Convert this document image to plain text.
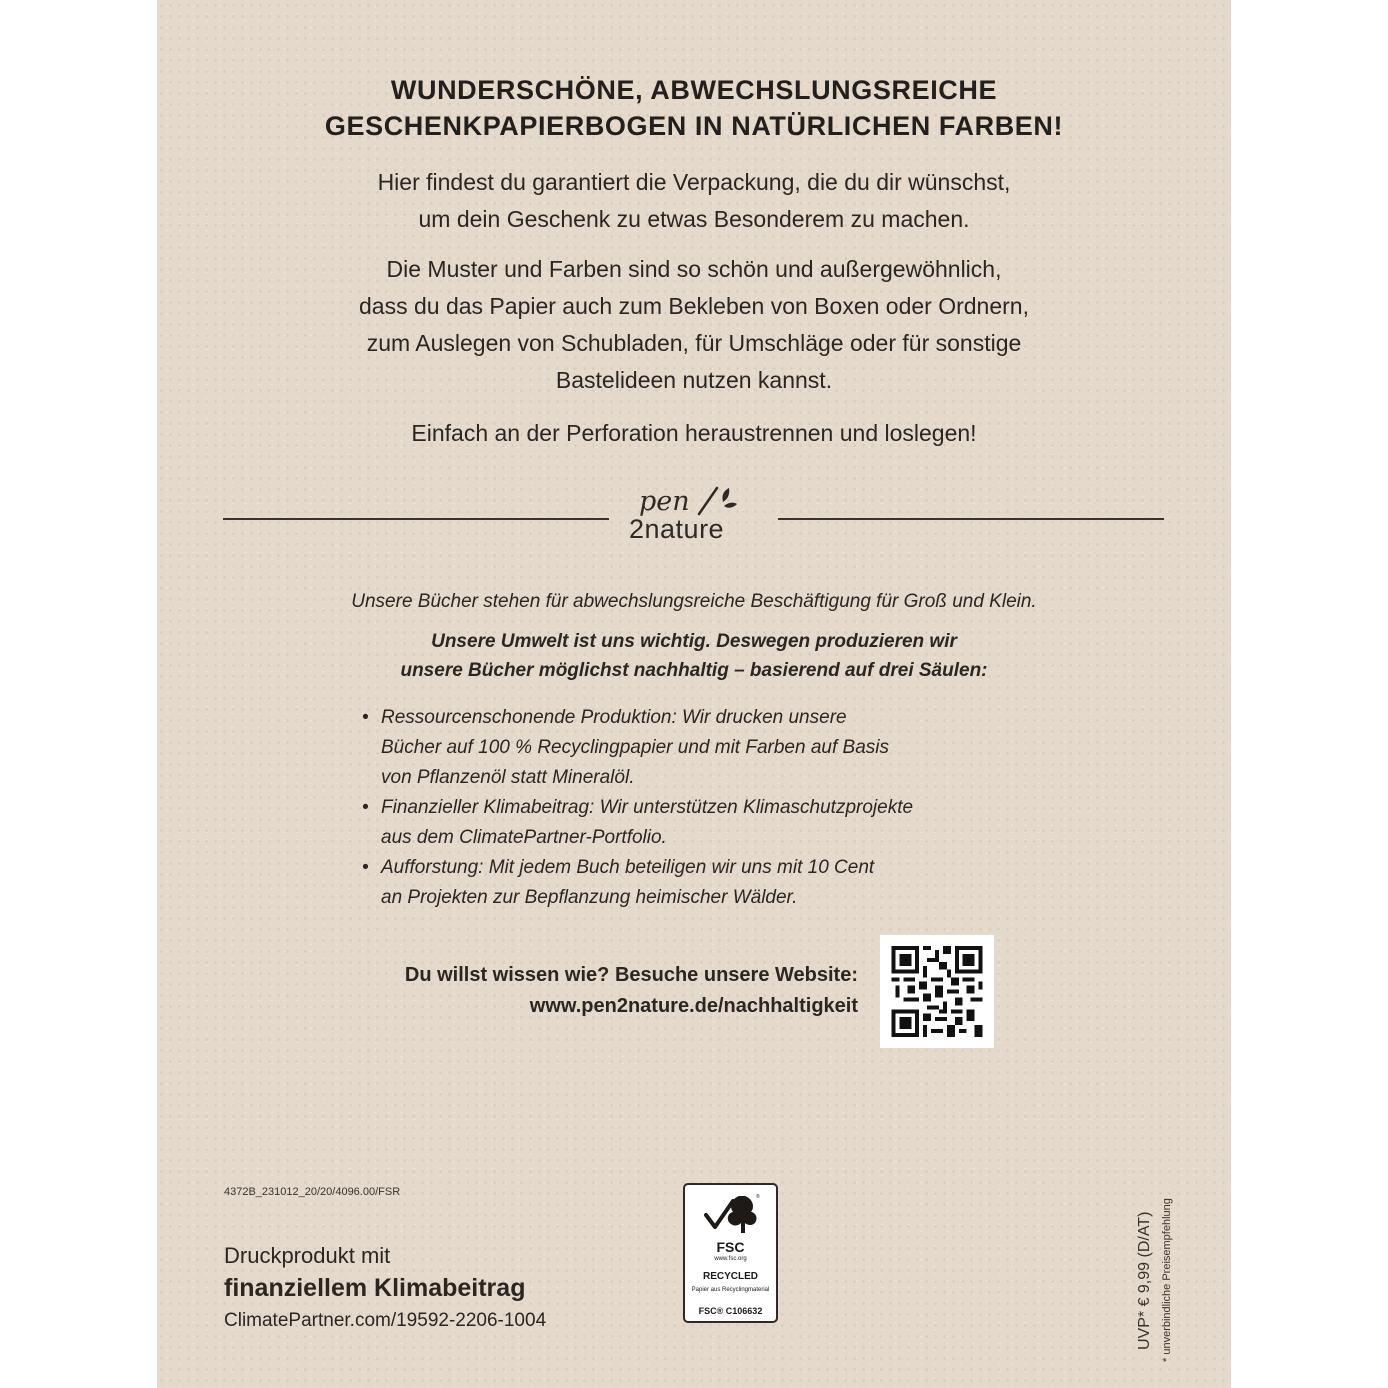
WUNDERSCHÖNE, ABWECHSLUNGSREICHE
GESCHENKPAPIERBOGEN IN NATÜRLICHEN FARBEN!

Hier findest du garantiert die Verpackung, die du dir wünschst,
um dein Geschenk zu etwas Besonderem zu machen.

Die Muster und Farben sind so schön und außergewöhnlich,
dass du das Papier auch zum Bekleben von Boxen oder Ordnern,
zum Auslegen von Schubladen, für Umschläge oder für sonstige
Bastelideen nutzen kannst.

Einfach an der Perforation heraustrennen und loslegen!

pen
2nature

Unsere Bücher stehen für abwechslungsreiche Beschäftigung für Groß und Klein.

Unsere Umwelt ist uns wichtig. Deswegen produzieren wir
unsere Bücher möglichst nachhaltig – basierend auf drei Säulen:

• Ressourcenschonende Produktion: Wir drucken unsere
Bücher auf 100 % Recyclingpapier und mit Farben auf Basis
von Pflanzenöl statt Mineralöl.
• Finanzieller Klimabeitrag: Wir unterstützen Klimaschutzprojekte
aus dem ClimatePartner-Portfolio.
• Aufforstung: Mit jedem Buch beteiligen wir uns mit 10 Cent
an Projekten zur Bepflanzung heimischer Wälder.

Du willst wissen wie? Besuche unsere Website:
www.pen2nature.de/nachhaltigkeit

4372B_231012_20/20/4096.00/FSR

Druckprodukt mit
finanziellem Klimabeitrag
ClimatePartner.com/19592-2206-1004

®
FSC
www.fsc.org
RECYCLED
Papier aus Recyclingmaterial
FSC® C106632	UVP* € 9,99 (D/AT) * unverbindliche Preisempfehlung
